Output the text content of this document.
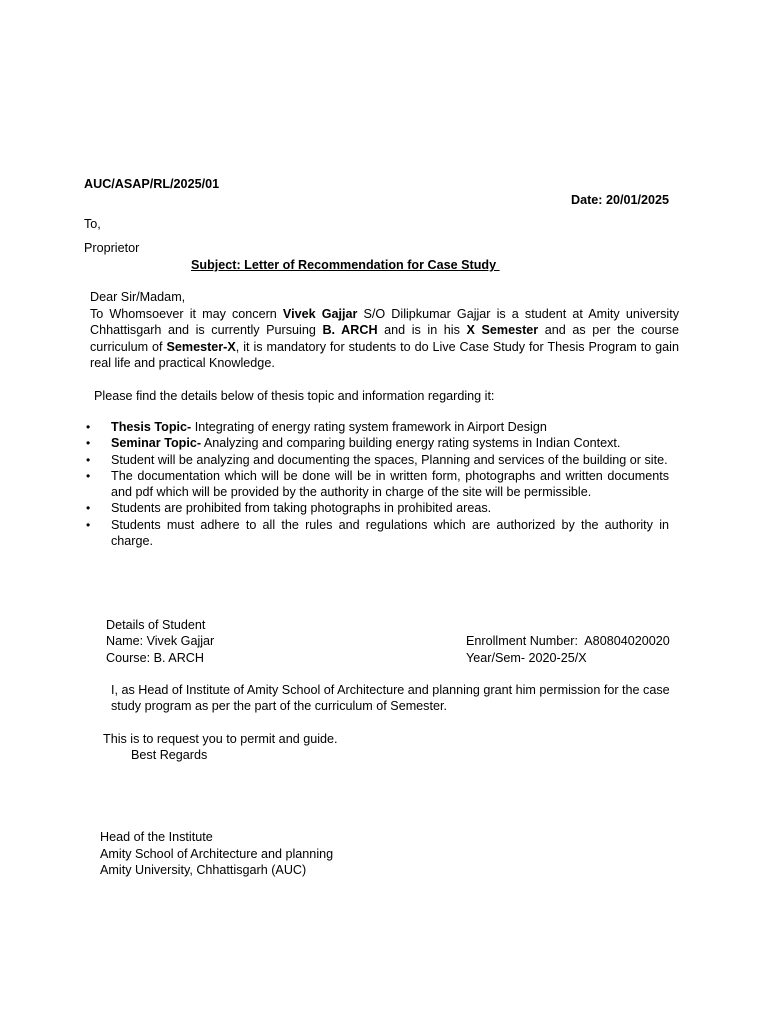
AUC/ASAP/RL/2025/01
Date: 20/01/2025
To,
Proprietor
Subject: Letter of Recommendation for Case Study
Dear Sir/Madam,
To Whomsoever it may concern Vivek Gajjar S/O Dilipkumar Gajjar is a student at Amity university Chhattisgarh and is currently Pursuing B. ARCH and is in his X Semester and as per the course curriculum of Semester-X, it is mandatory for students to do Live Case Study for Thesis Program to gain real life and practical Knowledge.
Please find the details below of thesis topic and information regarding it:
• Thesis Topic- Integrating of energy rating system framework in Airport Design
• Seminar Topic- Analyzing and comparing building energy rating systems in Indian Context.
• Student will be analyzing and documenting the spaces, Planning and services of the building or site.
• The documentation which will be done will be in written form, photographs and written documents and pdf which will be provided by the authority in charge of the site will be permissible.
• Students are prohibited from taking photographs in prohibited areas.
• Students must adhere to all the rules and regulations which are authorized by the authority in charge.
Details of Student
Name: Vivek Gajjar	Enrollment Number:  A80804020020
Course: B. ARCH	Year/Sem- 2020-25/X
I, as Head of Institute of Amity School of Architecture and planning grant him permission for the case study program as per the part of the curriculum of Semester.
This is to request you to permit and guide.
Best Regards
Head of the Institute
Amity School of Architecture and planning
Amity University, Chhattisgarh (AUC)
